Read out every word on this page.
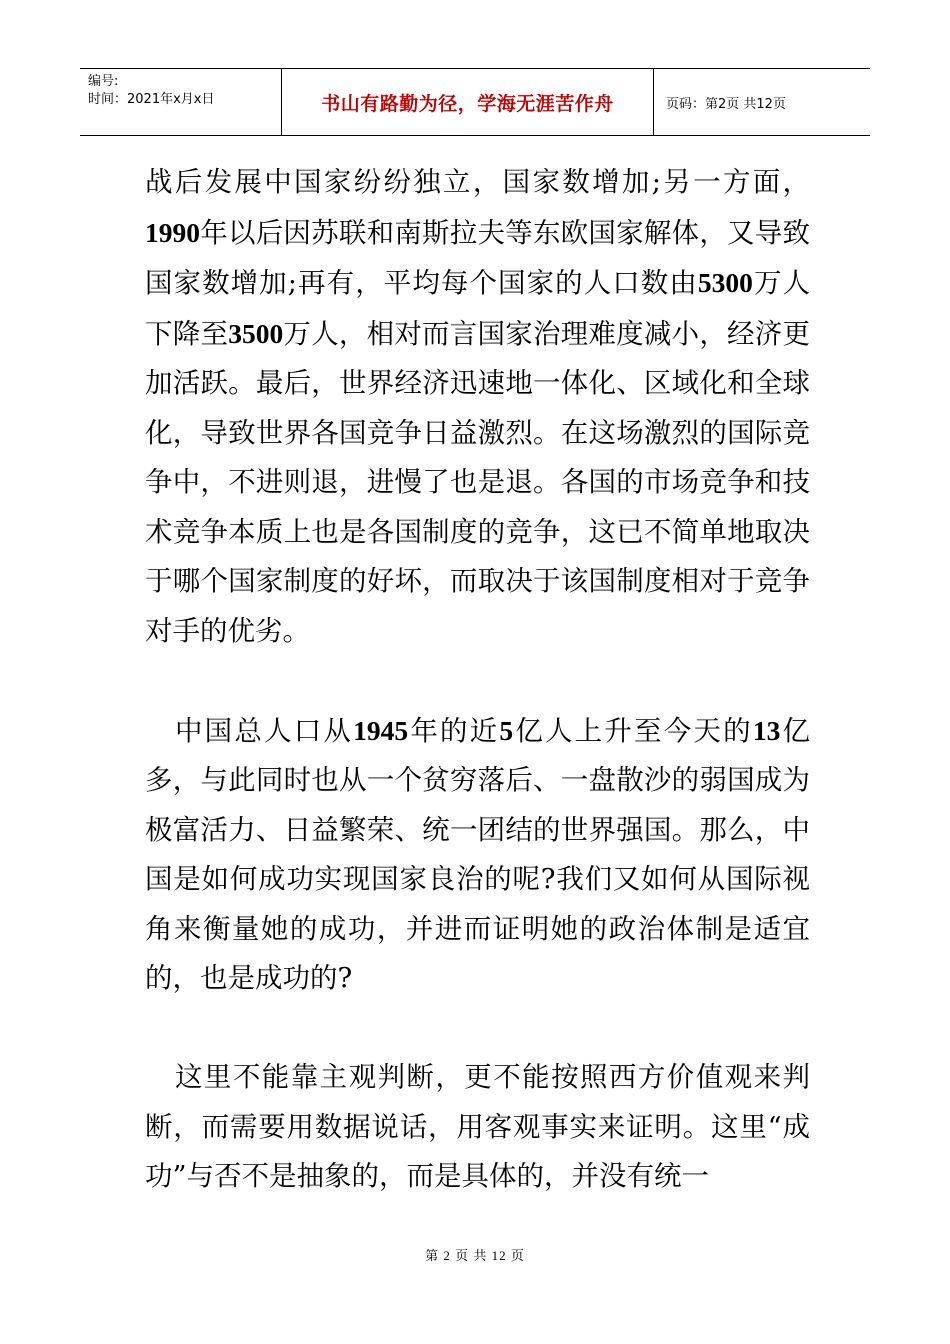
编号:
时间：2021年x月x日	书山有路勤为径，学海无涯苦作舟	页码：第2页 共12页

战后发展中国家纷纷独立，国家数增加;另一方面，1990年以后因苏联和南斯拉夫等东欧国家解体，又导致国家数增加;再有，平均每个国家的人口数由5300万人下降至3500万人，相对而言国家治理难度减小，经济更加活跃。最后，世界经济迅速地一体化、区域化和全球化，导致世界各国竞争日益激烈。在这场激烈的国际竞争中，不进则退，进慢了也是退。各国的市场竞争和技术竞争本质上也是各国制度的竞争，这已不简单地取决于哪个国家制度的好坏，而取决于该国制度相对于竞争对手的优劣。

中国总人口从1945年的近5亿人上升至今天的13亿多，与此同时也从一个贫穷落后、一盘散沙的弱国成为极富活力、日益繁荣、统一团结的世界强国。那么，中国是如何成功实现国家良治的呢?我们又如何从国际视角来衡量她的成功，并进而证明她的政治体制是适宜的，也是成功的?

这里不能靠主观判断，更不能按照西方价值观来判断，而需要用数据说话，用客观事实来证明。这里“成功”与否不是抽象的，而是具体的，并没有统一

第 2 页 共 12 页
